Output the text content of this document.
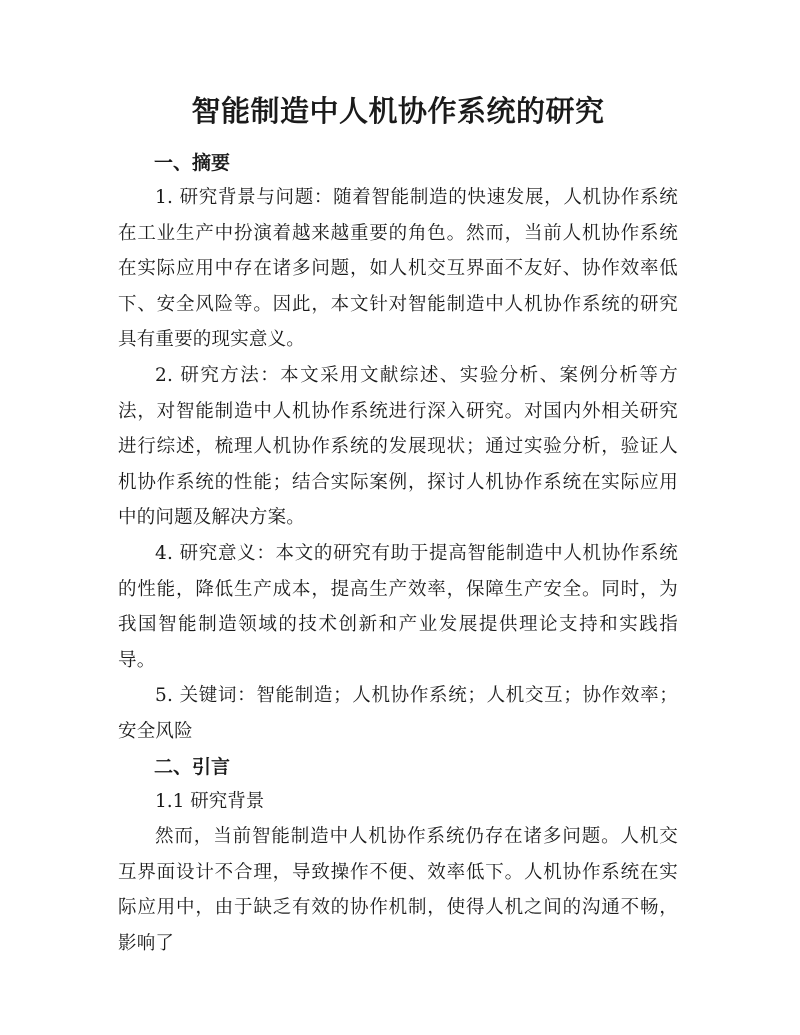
智能制造中人机协作系统的研究
一、摘要

1. 研究背景与问题：随着智能制造的快速发展，人机协作系统在工业生产中扮演着越来越重要的角色。然而，当前人机协作系统在实际应用中存在诸多问题，如人机交互界面不友好、协作效率低下、安全风险等。因此，本文针对智能制造中人机协作系统的研究具有重要的现实意义。

2. 研究方法：本文采用文献综述、实验分析、案例分析等方法，对智能制造中人机协作系统进行深入研究。对国内外相关研究进行综述，梳理人机协作系统的发展现状；通过实验分析，验证人机协作系统的性能；结合实际案例，探讨人机协作系统在实际应用中的问题及解决方案。

4. 研究意义：本文的研究有助于提高智能制造中人机协作系统的性能，降低生产成本，提高生产效率，保障生产安全。同时，为我国智能制造领域的技术创新和产业发展提供理论支持和实践指导。

5. 关键词：智能制造；人机协作系统；人机交互；协作效率；安全风险

二、引言

1.1 研究背景

然而，当前智能制造中人机协作系统仍存在诸多问题。人机交互界面设计不合理，导致操作不便、效率低下。人机协作系统在实际应用中，由于缺乏有效的协作机制，使得人机之间的沟通不畅，影响了
